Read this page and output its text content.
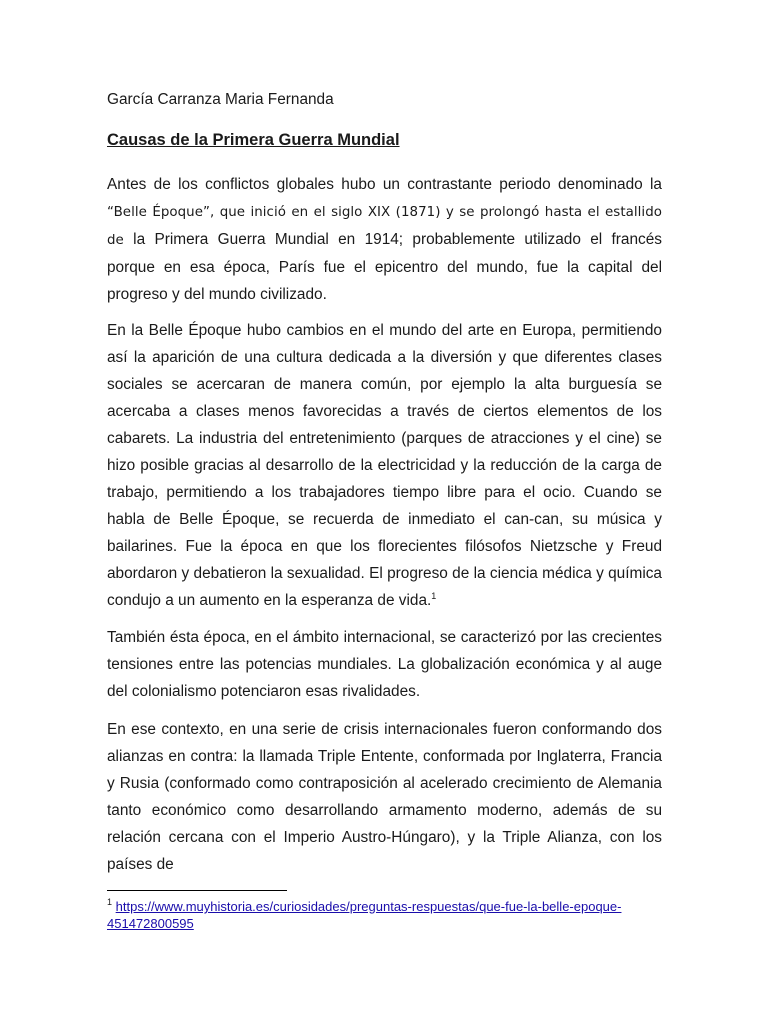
García Carranza Maria Fernanda
Causas de la Primera Guerra Mundial

Antes de los conflictos globales hubo un contrastante periodo denominado la “Belle Époque”, que inició en el siglo XIX (1871) y se prolongó hasta el estallido de la Primera Guerra Mundial en 1914; probablemente utilizado el francés porque en esa época, París fue el epicentro del mundo, fue la capital del progreso y del mundo civilizado.

En la Belle Époque hubo cambios en el mundo del arte en Europa, permitiendo así la aparición de una cultura dedicada a la diversión y que diferentes clases sociales se acercaran de manera común, por ejemplo la alta burguesía se acercaba a clases menos favorecidas a través de ciertos elementos de los cabarets. La industria del entretenimiento (parques de atracciones y el cine) se hizo posible gracias al desarrollo de la electricidad y la reducción de la carga de trabajo, permitiendo a los trabajadores tiempo libre para el ocio. Cuando se habla de Belle Époque, se recuerda de inmediato el can-can, su música y bailarines. Fue la época en que los florecientes filósofos Nietzsche y Freud abordaron y debatieron la sexualidad. El progreso de la ciencia médica y química condujo a un aumento en la esperanza de vida.$^1$

También ésta época, en el ámbito internacional, se caracterizó por las crecientes tensiones entre las potencias mundiales. La globalización económica y al auge del colonialismo potenciaron esas rivalidades.

En ese contexto, en una serie de crisis internacionales fueron conformando dos alianzas en contra: la llamada Triple Entente, conformada por Inglaterra, Francia y Rusia (conformado como contraposición al acelerado crecimiento de Alemania tanto económico como desarrollando armamento moderno, además de su relación cercana con el Imperio Austro-Húngaro), y la Triple Alianza, con los países de

$^1$ https://www.muyhistoria.es/curiosidades/preguntas-respuestas/que-fue-la-belle-epoque-451472800595
